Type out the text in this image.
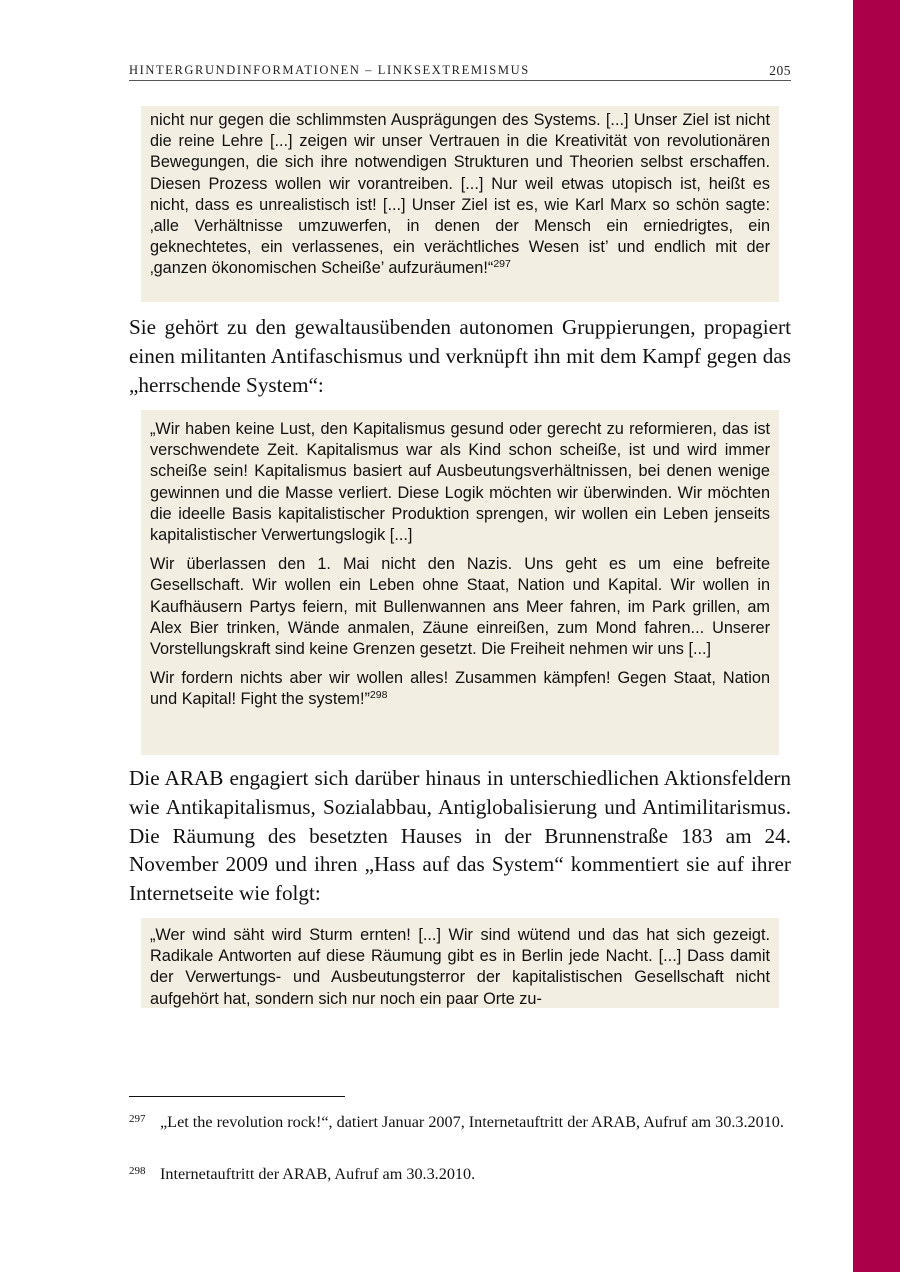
HINTERGRUNDINFORMATIONEN – LINKSEXTREMISMUS	205

nicht nur gegen die schlimmsten Ausprägungen des Systems. [...] Unser Ziel ist nicht die reine Lehre [...] zeigen wir unser Vertrauen in die Kreativität von revolutionären Bewegungen, die sich ihre notwendigen Strukturen und Theorien selbst erschaffen. Diesen Prozess wollen wir vorantreiben. [...] Nur weil etwas utopisch ist, heißt es nicht, dass es unrealistisch ist! [...] Unser Ziel ist es, wie Karl Marx so schön sagte: ‚alle Verhältnisse umzuwerfen, in denen der Mensch ein erniedrigtes, ein geknechtetes, ein verlassenes, ein verächtliches Wesen ist’ und endlich mit der ‚ganzen ökonomischen Scheiße’ aufzuräumen!“$^{297}$

Sie gehört zu den gewaltausübenden autonomen Gruppierungen, propagiert einen militanten Antifaschismus und verknüpft ihn mit dem Kampf gegen das „herrschende System“:

„Wir haben keine Lust, den Kapitalismus gesund oder gerecht zu reformieren, das ist verschwendete Zeit. Kapitalismus war als Kind schon scheiße, ist und wird immer scheiße sein! Kapitalismus basiert auf Ausbeutungsverhältnissen, bei denen wenige gewinnen und die Masse verliert. Diese Logik möchten wir überwinden. Wir möchten die ideelle Basis kapitalistischer Produktion sprengen, wir wollen ein Leben jenseits kapitalistischer Verwertungslogik [...]

Wir überlassen den 1. Mai nicht den Nazis. Uns geht es um eine befreite Gesellschaft. Wir wollen ein Leben ohne Staat, Nation und Kapital. Wir wollen in Kaufhäusern Partys feiern, mit Bullenwannen ans Meer fahren, im Park grillen, am Alex Bier trinken, Wände anmalen, Zäune einreißen, zum Mond fahren... Unserer Vorstellungskraft sind keine Grenzen gesetzt. Die Freiheit nehmen wir uns [...]

Wir fordern nichts aber wir wollen alles! Zusammen kämpfen! Gegen Staat, Nation und Kapital! Fight the system!”$^{298}$

Die ARAB engagiert sich darüber hinaus in unterschiedlichen Aktionsfeldern wie Antikapitalismus, Sozialabbau, Antiglobalisierung und Antimilitarismus. Die Räumung des besetzten Hauses in der Brunnenstraße 183 am 24. November 2009 und ihren „Hass auf das System“ kommentiert sie auf ihrer Internetseite wie folgt:

„Wer wind säht wird Sturm ernten! [...] Wir sind wütend und das hat sich gezeigt. Radikale Antworten auf diese Räumung gibt es in Berlin jede Nacht. [...] Dass damit der Verwertungs- und Ausbeutungsterror der kapitalistischen Gesellschaft nicht aufgehört hat, sondern sich nur noch ein paar Orte zu-

297 „Let the revolution rock!“, datiert Januar 2007, Internetauftritt der ARAB, Aufruf am 30.3.2010.
298 Internetauftritt der ARAB, Aufruf am 30.3.2010.
